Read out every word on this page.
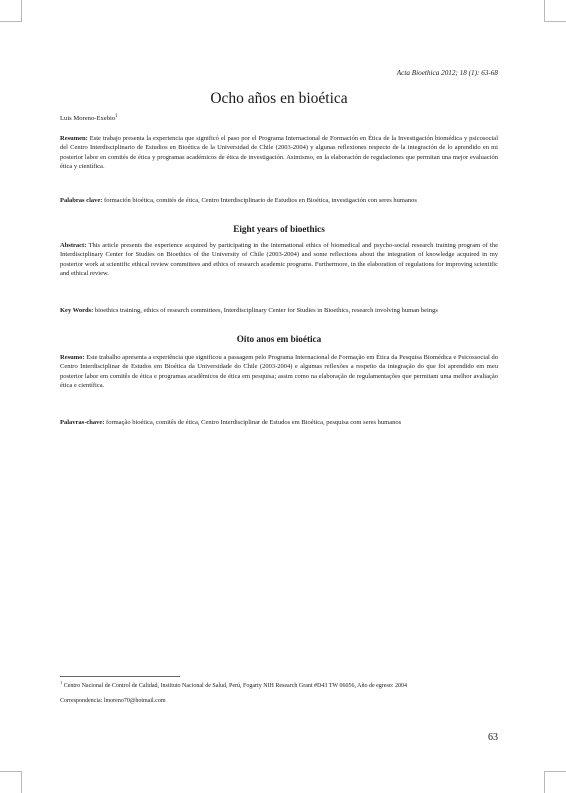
Acta Bioethica 2012; 18 (1): 63-68
Ocho años en bioética
Luis Moreno-Exebio$^1$
Resumen: Este trabajo presenta la experiencia que significó el paso por el Programa Internacional de Formación en Ética de la Investigación biomédica y psicosocial del Centro Interdisciplinario de Estudios en Bioética de la Universidad de Chile (2003-2004) y algunas reflexiones respecto de la integración de lo aprendido en mi posterior labor en comités de ética y programas académicos de ética de investigación. Asimismo, en la elaboración de regulaciones que permitan una mejor evaluación ética y científica.
Palabras clave: formación bioética, comités de ética, Centro Interdisciplinario de Estudios en Bioética, investigación con seres humanos
Eight years of bioethics
Abstract: This article presents the experience acquired by participating in the international ethics of biomedical and psycho-social research training program of the Interdisciplinary Center for Studies on Bioethics of the University of Chile (2003-2004) and some reflections about the integration of knowledge acquired in my posterior work at scientific ethical review committees and ethics of research academic programs. Furthermore, in the elaboration of regulations for improving scientific and ethical review.
Key Words: bioethics training, ethics of research committees, Interdisciplinary Center for Studies in Bioethics, research involving human beings
Oito anos em bioética
Resumo: Este trabalho apresenta a experiência que significou a passagem pelo Programa Internacional de Formação em Ética da Pesquisa Biomédica e Psicossocial do Centro Interdisciplinar de Estudos em Bioética da Universidade do Chile (2003-2004) e algumas reflexões a respeito da integração do que foi aprendido em meu posterior labor em comitês de ética e programas acadêmicos de ética em pesquisa; assim como na elaboração de regulamentações que permitam uma melhor avaliação ética e científica.
Palavras-chave: formação bioética, comitês de ética, Centro Interdisciplinar de Estudos em Bioética, pesquisa com seres humanos
$^1$ Centro Nacional de Control de Calidad, Instituto Nacional de Salud, Perú, Fogarty NIH Research Grant #D43 TW 06056, Año de egreso: 2004
Correspondencia: lmoreno70@hotmail.com
63
